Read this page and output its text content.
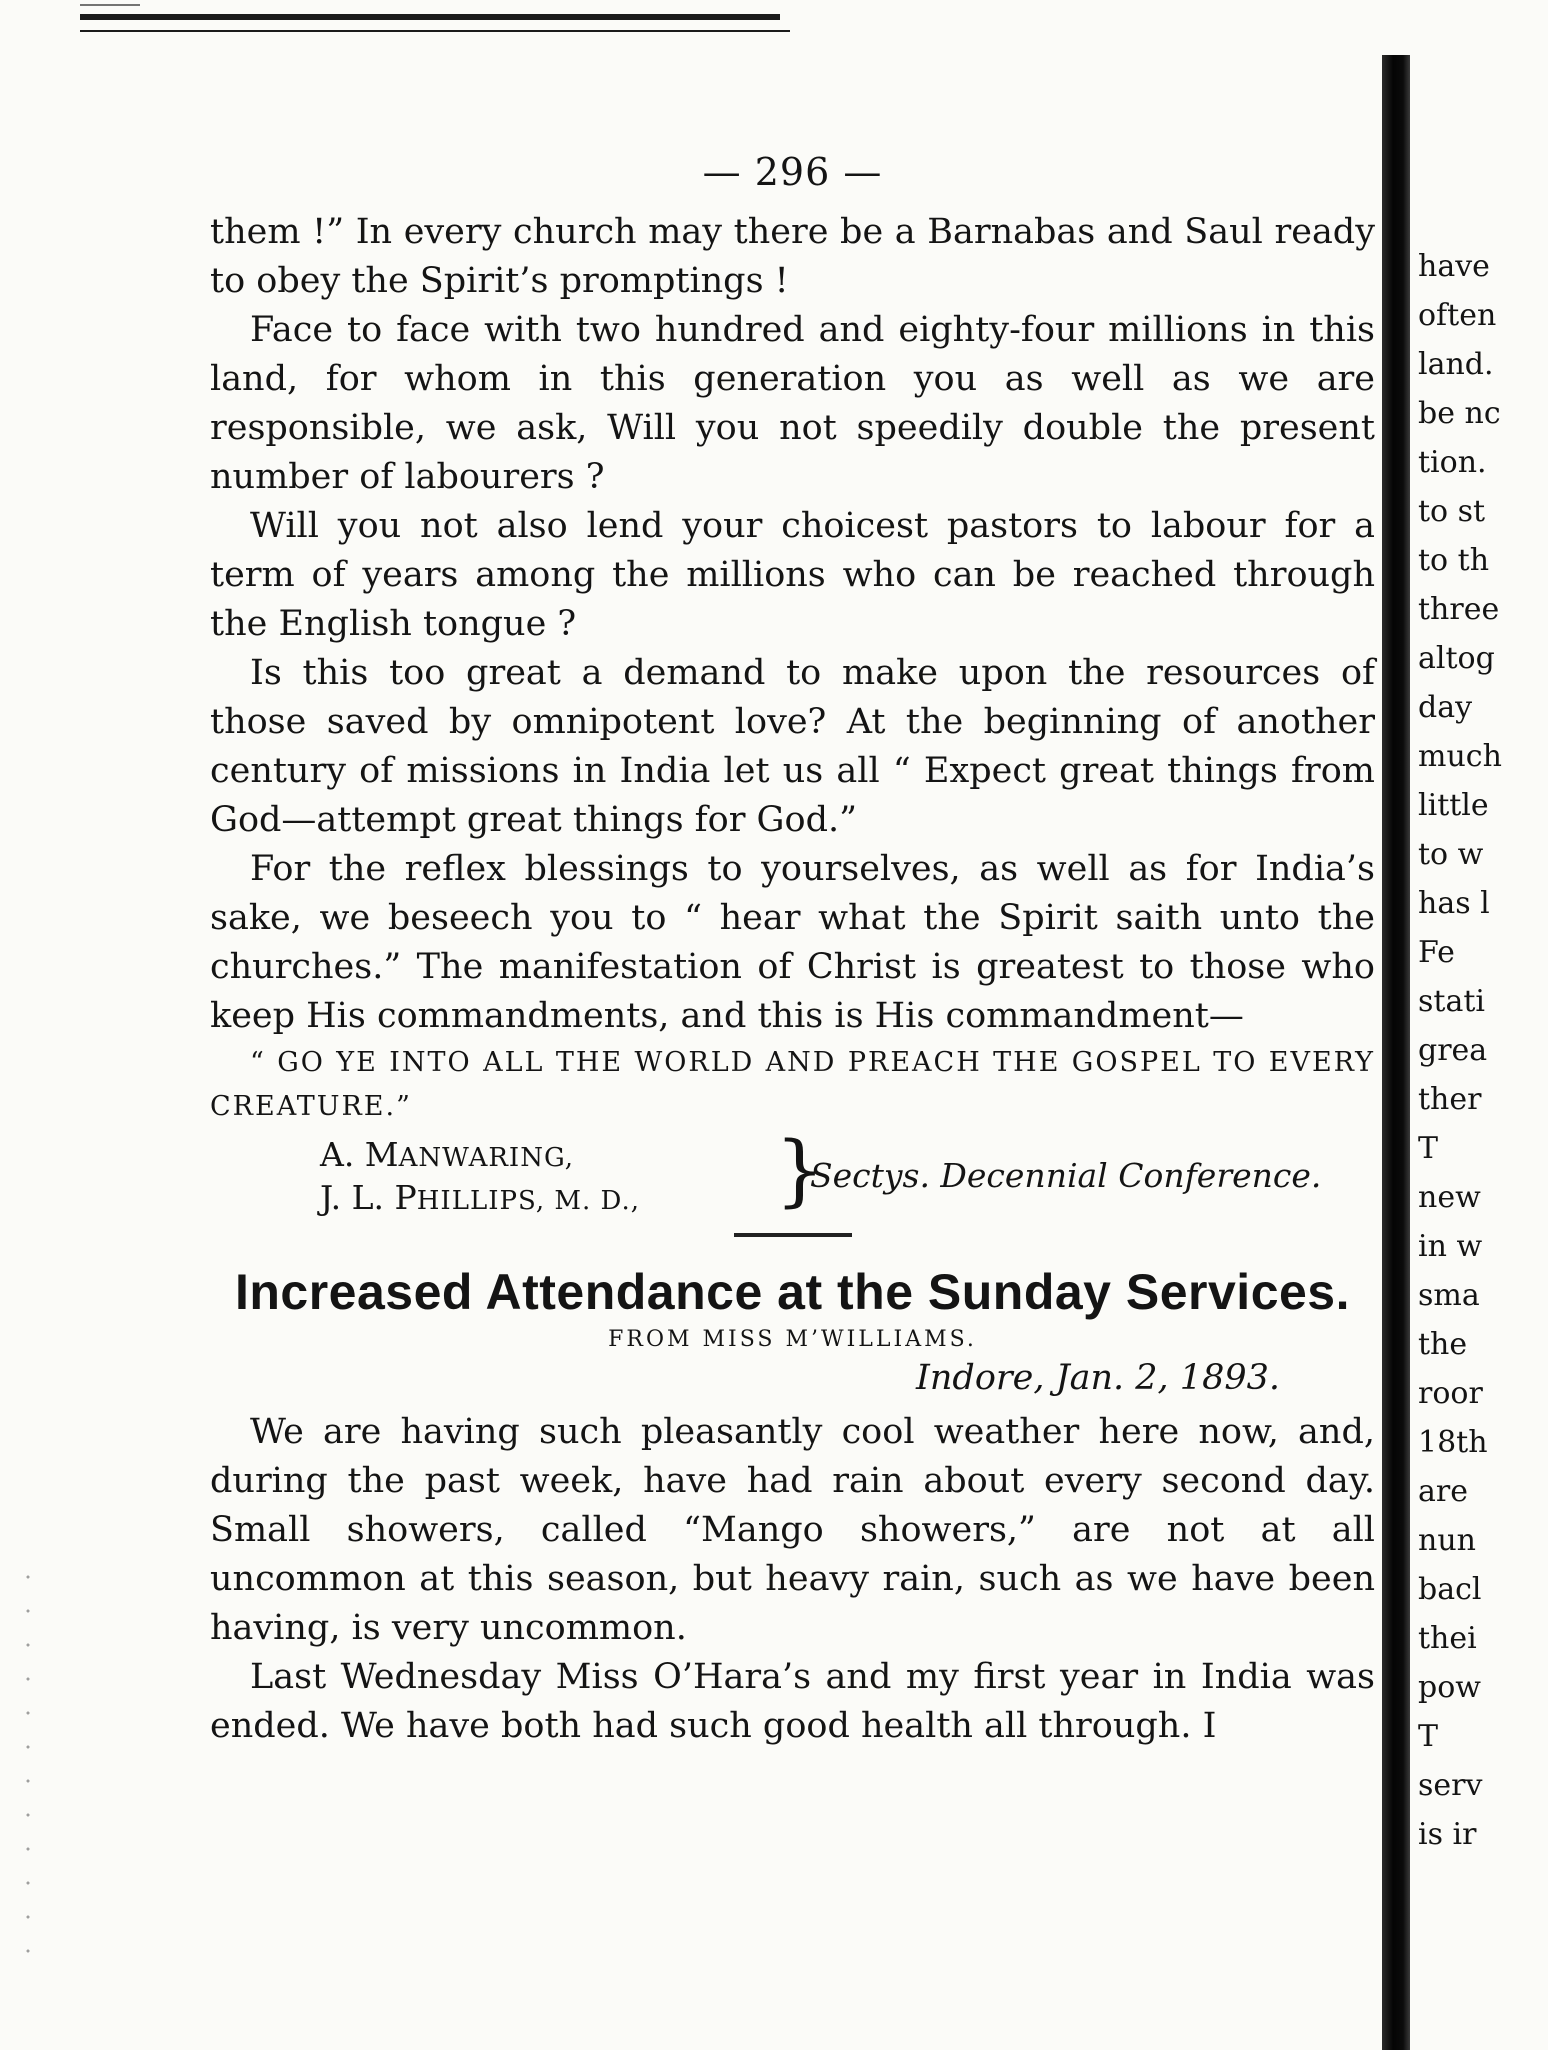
— 296 —

them !” In every church may there be a Barnabas and Saul ready to obey the Spirit’s promptings !

Face to face with two hundred and eighty-four millions in this land, for whom in this generation you as well as we are responsible, we ask, Will you not speedily double the present number of labourers ?

Will you not also lend your choicest pastors to labour for a term of years among the millions who can be reached through the English tongue ?

Is this too great a demand to make upon the resources of those saved by omnipotent love? At the beginning of another century of missions in India let us all “ Expect great things from God—attempt great things for God.”

For the reflex blessings to yourselves, as well as for India’s sake, we beseech you to “ hear what the Spirit saith unto the churches.” The manifestation of Christ is greatest to those who keep His commandments, and this is His commandment—

“ GO YE INTO ALL THE WORLD AND PREACH THE GOSPEL TO EVERY CREATURE.”

A. MANWARING,
J. L. PHILLIPS, M. D., }
Sectys. Decennial Conference.
Increased Attendance at the Sunday Services.
FROM MISS M’WILLIAMS.
Indore, Jan. 2, 1893.

We are having such pleasantly cool weather here now, and, during the past week, have had rain about every second day. Small showers, called “Mango showers,” are not at all uncommon at this season, but heavy rain, such as we have been having, is very uncommon.

Last Wednesday Miss O’Hara’s and my first year in India was ended. We have both had such good health all through. I

have
often
land.
be nc
tion.
to st
to th
three
altog
day
much
little
to w
has l
Fe
stati
grea
ther
T
new
in w
sma
the
roor
18th
are
nun
bacl
thei
pow
T
serv
is ir
